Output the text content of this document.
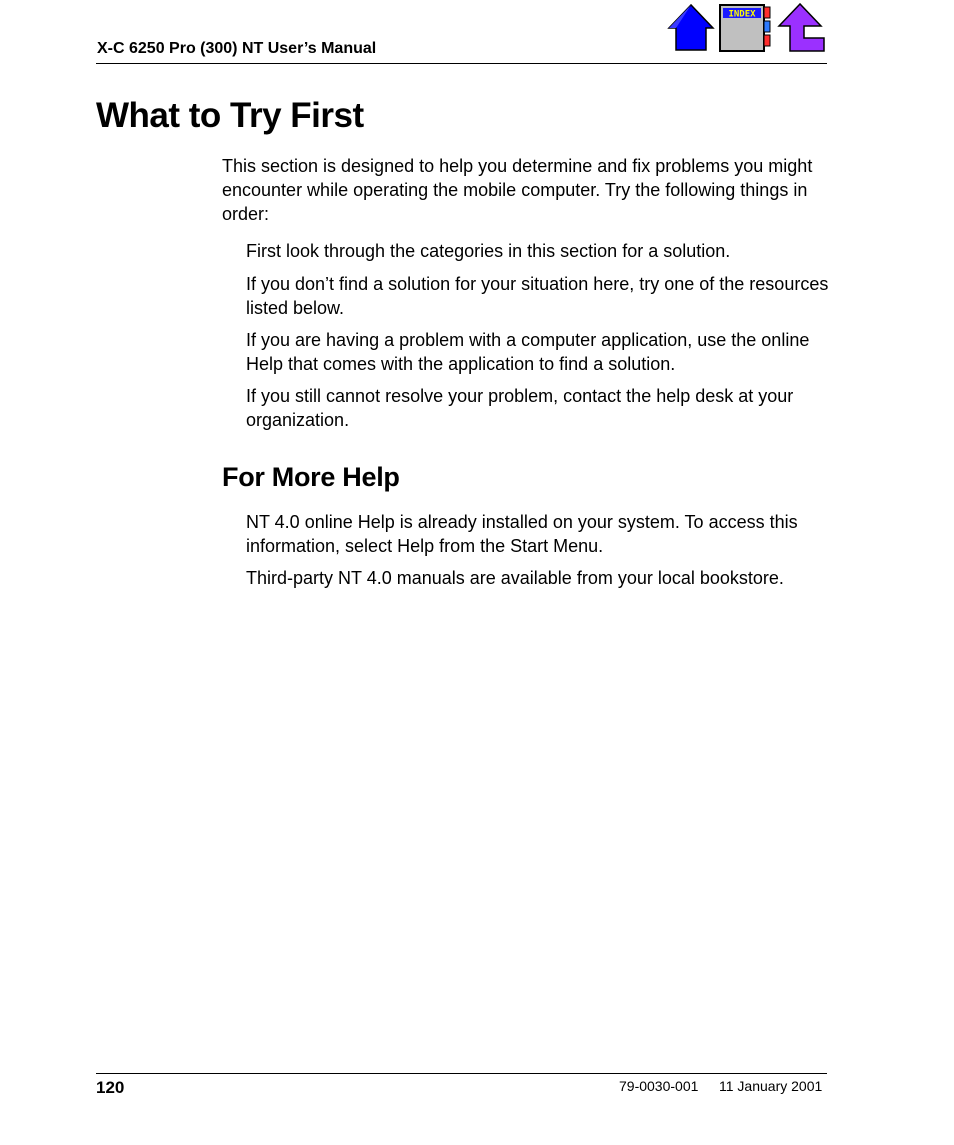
X-C 6250 Pro (300) NT User’s Manual
INDEX
What to Try First
This section is designed to help you determine and fix problems you might encounter while operating the mobile computer. Try the following things in order:
First look through the categories in this section for a solution.
If you don’t find a solution for your situation here, try one of the resources listed below.
If you are having a problem with a computer application, use the online Help that comes with the application to find a solution.
If you still cannot resolve your problem, contact the help desk at your organization.
For More Help
NT 4.0 online Help is already installed on your system. To access this information, select Help from the Start Menu.
Third-party NT 4.0 manuals are available from your local bookstore.
120	79-0030-001 11 January 2001
